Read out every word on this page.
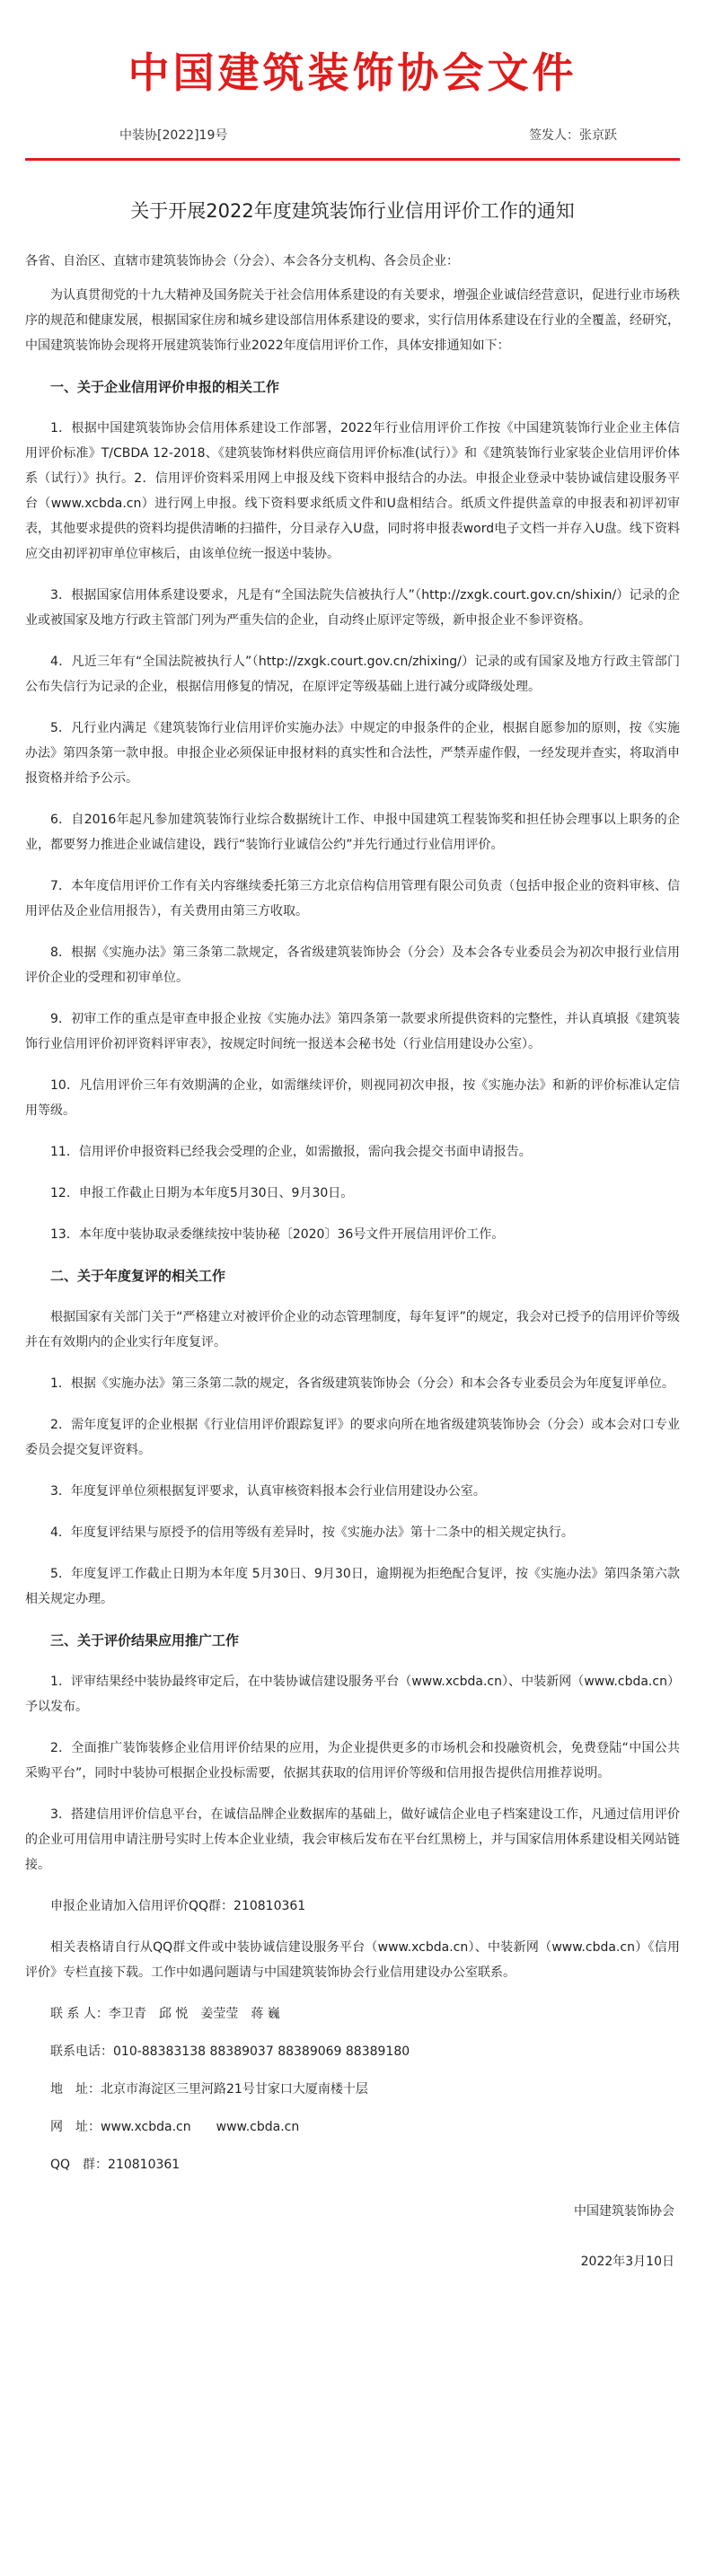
中国建筑装饰协会文件
中装协[2022]19号	签发人：张京跃
关于开展2022年度建筑装饰行业信用评价工作的通知

各省、自治区、直辖市建筑装饰协会（分会）、本会各分支机构、各会员企业：

为认真贯彻党的十九大精神及国务院关于社会信用体系建设的有关要求，增强企业诚信经营意识，促进行业市场秩序的规范和健康发展，根据国家住房和城乡建设部信用体系建设的要求，实行信用体系建设在行业的全覆盖，经研究，中国建筑装饰协会现将开展建筑装饰行业2022年度信用评价工作，具体安排通知如下：

一、关于企业信用评价申报的相关工作

1．根据中国建筑装饰协会信用体系建设工作部署，2022年行业信用评价工作按《中国建筑装饰行业企业主体信用评价标准》T/CBDA 12-2018、《建筑装饰材料供应商信用评价标准(试行）》和《建筑装饰行业家装企业信用评价体系（试行）》执行。2．信用评价资料采用网上申报及线下资料申报结合的办法。申报企业登录中装协诚信建设服务平台（www.xcbda.cn）进行网上申报。线下资料要求纸质文件和U盘相结合。纸质文件提供盖章的申报表和初评初审表，其他要求提供的资料均提供清晰的扫描件，分目录存入U盘，同时将申报表word电子文档一并存入U盘。线下资料应交由初评初审单位审核后，由该单位统一报送中装协。

3．根据国家信用体系建设要求，凡是有“全国法院失信被执行人”（http://zxgk.court.gov.cn/shixin/）记录的企业或被国家及地方行政主管部门列为严重失信的企业，自动终止原评定等级，新申报企业不参评资格。

4．凡近三年有“全国法院被执行人”（http://zxgk.court.gov.cn/zhixing/）记录的或有国家及地方行政主管部门公布失信行为记录的企业，根据信用修复的情况，在原评定等级基础上进行减分或降级处理。

5．凡行业内满足《建筑装饰行业信用评价实施办法》中规定的申报条件的企业，根据自愿参加的原则，按《实施办法》第四条第一款申报。申报企业必须保证申报材料的真实性和合法性，严禁弄虚作假，一经发现并查实，将取消申报资格并给予公示。

6．自2016年起凡参加建筑装饰行业综合数据统计工作、申报中国建筑工程装饰奖和担任协会理事以上职务的企业，都要努力推进企业诚信建设，践行“装饰行业诚信公约”并先行通过行业信用评价。

7．本年度信用评价工作有关内容继续委托第三方北京信构信用管理有限公司负责（包括申报企业的资料审核、信用评估及企业信用报告），有关费用由第三方收取。

8．根据《实施办法》第三条第二款规定，各省级建筑装饰协会（分会）及本会各专业委员会为初次申报行业信用评价企业的受理和初审单位。

9．初审工作的重点是审查申报企业按《实施办法》第四条第一款要求所提供资料的完整性，并认真填报《建筑装饰行业信用评价初评资料评审表》，按规定时间统一报送本会秘书处（行业信用建设办公室）。

10．凡信用评价三年有效期满的企业，如需继续评价，则视同初次申报，按《实施办法》和新的评价标准认定信用等级。

11．信用评价申报资料已经我会受理的企业，如需撤报，需向我会提交书面申请报告。

12．申报工作截止日期为本年度5月30日、9月30日。

13．本年度中装协取录委继续按中装协秘〔2020〕36号文件开展信用评价工作。

二、关于年度复评的相关工作

根据国家有关部门关于“严格建立对被评价企业的动态管理制度，每年复评”的规定，我会对已授予的信用评价等级并在有效期内的企业实行年度复评。

1．根据《实施办法》第三条第二款的规定，各省级建筑装饰协会（分会）和本会各专业委员会为年度复评单位。

2．需年度复评的企业根据《行业信用评价跟踪复评》的要求向所在地省级建筑装饰协会（分会）或本会对口专业委员会提交复评资料。

3．年度复评单位须根据复评要求，认真审核资料报本会行业信用建设办公室。

4．年度复评结果与原授予的信用等级有差异时，按《实施办法》第十二条中的相关规定执行。

5．年度复评工作截止日期为本年度 5月30日、9月30日，逾期视为拒绝配合复评，按《实施办法》第四条第六款相关规定办理。

三、关于评价结果应用推广工作

1．评审结果经中装协最终审定后，在中装协诚信建设服务平台（www.xcbda.cn）、中装新网（www.cbda.cn）予以发布。

2．全面推广装饰装修企业信用评价结果的应用，为企业提供更多的市场机会和投融资机会，免费登陆“中国公共采购平台”，同时中装协可根据企业投标需要，依据其获取的信用评价等级和信用报告提供信用推荐说明。

3．搭建信用评价信息平台，在诚信品牌企业数据库的基础上，做好诚信企业电子档案建设工作，凡通过信用评价的企业可用信用申请注册号实时上传本企业业绩，我会审核后发布在平台红黑榜上，并与国家信用体系建设相关网站链接。

申报企业请加入信用评价QQ群：210810361

相关表格请自行从QQ群文件或中装协诚信建设服务平台（www.xcbda.cn）、中装新网（www.cbda.cn）《信用评价》专栏直接下载。工作中如遇问题请与中国建筑装饰协会行业信用建设办公室联系。

联 系 人：李卫青　邱 悦　姜莹莹　蒋 巍

联系电话：010-88383138 88389037 88389069 88389180

地　址：北京市海淀区三里河路21号甘家口大厦南楼十层

网　址：www.xcbda.cn　　www.cbda.cn

QQ　群：210810361

中国建筑装饰协会
2022年3月10日
